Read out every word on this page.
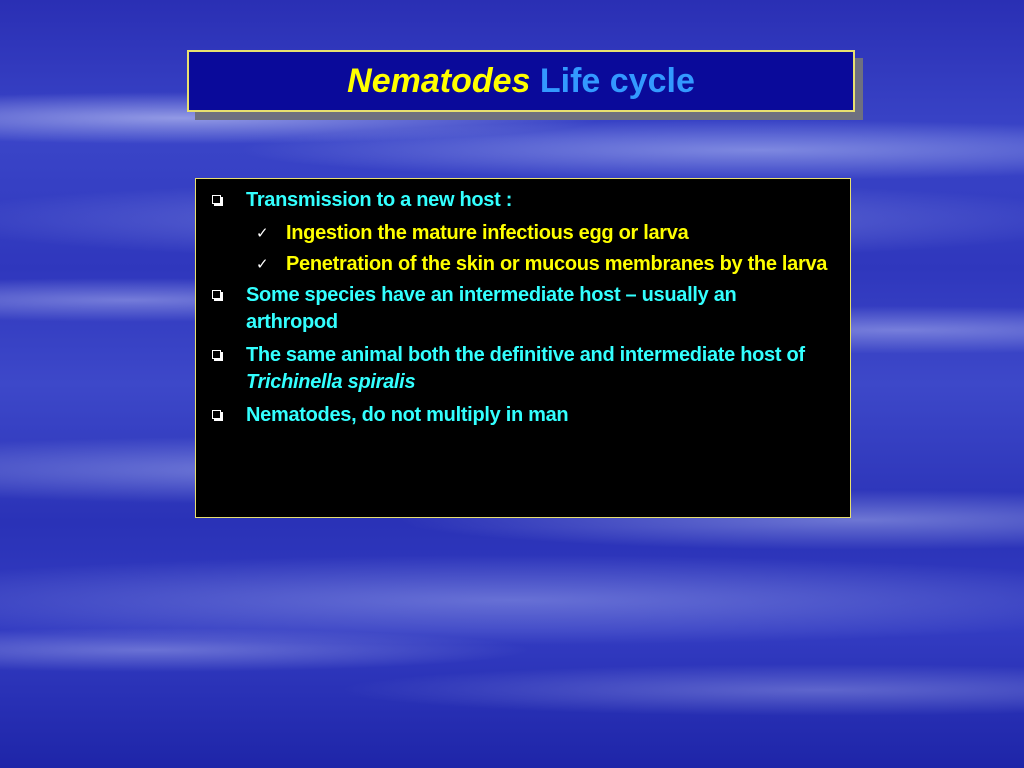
Nematodes Life cycle
Transmission to a new host :
✓ Ingestion the mature infectious egg or larva
✓ Penetration of the skin or mucous membranes by the larva
Some species have an intermediate host – usually an arthropod
The same animal both the definitive and intermediate host of Trichinella spiralis
Nematodes, do not multiply in man
